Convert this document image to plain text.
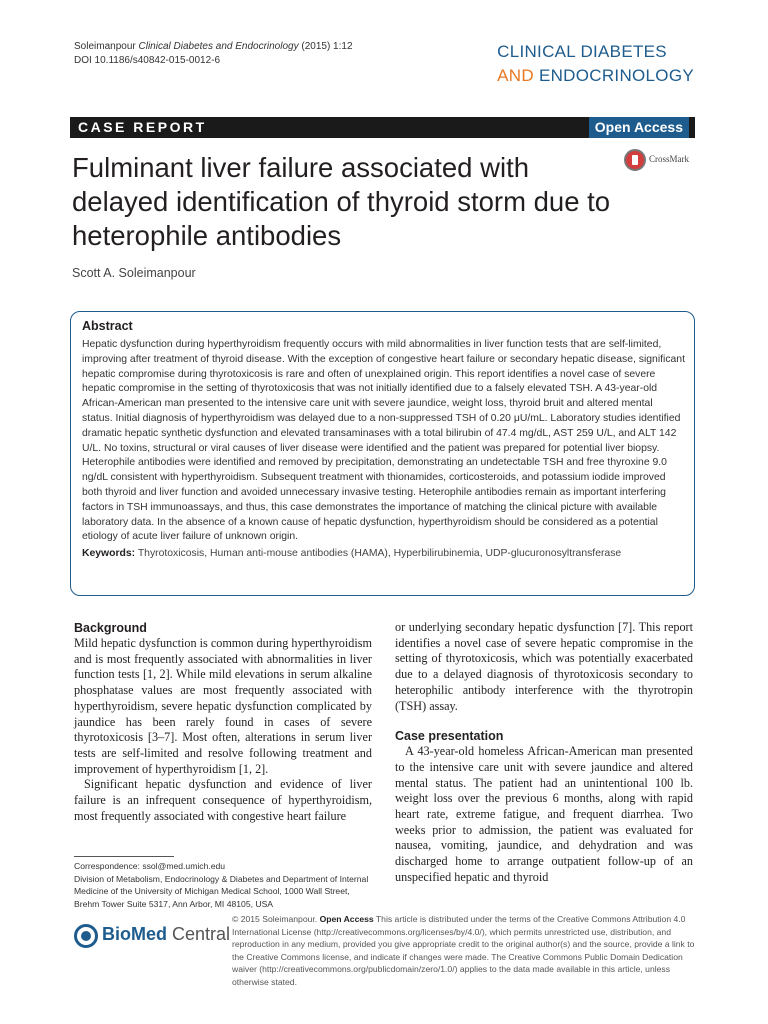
Soleimanpour Clinical Diabetes and Endocrinology (2015) 1:12
DOI 10.1186/s40842-015-0012-6	CLINICAL DIABETES
AND ENDOCRINOLOGY
CASE REPORT	Open Access
Fulminant liver failure associated with delayed identification of thyroid storm due to heterophile antibodies
CrossMark
Scott A. Soleimanpour
Abstract
Hepatic dysfunction during hyperthyroidism frequently occurs with mild abnormalities in liver function tests that are self-limited, improving after treatment of thyroid disease. With the exception of congestive heart failure or secondary hepatic disease, significant hepatic compromise during thyrotoxicosis is rare and often of unexplained origin. This report identifies a novel case of severe hepatic compromise in the setting of thyrotoxicosis that was not initially identified due to a falsely elevated TSH. A 43-year-old African-American man presented to the intensive care unit with severe jaundice, weight loss, thyroid bruit and altered mental status. Initial diagnosis of hyperthyroidism was delayed due to a non-suppressed TSH of 0.20 μU/mL. Laboratory studies identified dramatic hepatic synthetic dysfunction and elevated transaminases with a total bilirubin of 47.4 mg/dL, AST 259 U/L, and ALT 142 U/L. No toxins, structural or viral causes of liver disease were identified and the patient was prepared for potential liver biopsy. Heterophile antibodies were identified and removed by precipitation, demonstrating an undetectable TSH and free thyroxine 9.0 ng/dL consistent with hyperthyroidism. Subsequent treatment with thionamides, corticosteroids, and potassium iodide improved both thyroid and liver function and avoided unnecessary invasive testing. Heterophile antibodies remain as important interfering factors in TSH immunoassays, and thus, this case demonstrates the importance of matching the clinical picture with available laboratory data. In the absence of a known cause of hepatic dysfunction, hyperthyroidism should be considered as a potential etiology of acute liver failure of unknown origin.
Keywords: Thyrotoxicosis, Human anti-mouse antibodies (HAMA), Hyperbilirubinemia, UDP-glucuronosyltransferase
Background

Mild hepatic dysfunction is common during hyperthyroidism and is most frequently associated with abnormalities in liver function tests [1, 2]. While mild elevations in serum alkaline phosphatase values are most frequently associated with hyperthyroidism, severe hepatic dysfunction complicated by jaundice has been rarely found in cases of severe thyrotoxicosis [3–7]. Most often, alterations in serum liver tests are self-limited and resolve following treatment and improvement of hyperthyroidism [1, 2].

Significant hepatic dysfunction and evidence of liver failure is an infrequent consequence of hyperthyroidism, most frequently associated with congestive heart failure

or underlying secondary hepatic dysfunction [7]. This report identifies a novel case of severe hepatic compromise in the setting of thyrotoxicosis, which was potentially exacerbated due to a delayed diagnosis of thyrotoxicosis secondary to heterophilic antibody interference with the thyrotropin (TSH) assay.

Case presentation

A 43-year-old homeless African-American man presented to the intensive care unit with severe jaundice and altered mental status. The patient had an unintentional 100 lb. weight loss over the previous 6 months, along with rapid heart rate, extreme fatigue, and frequent diarrhea. Two weeks prior to admission, the patient was evaluated for nausea, vomiting, jaundice, and dehydration and was discharged home to arrange outpatient follow-up of an unspecified hepatic and thyroid

Correspondence: ssol@med.umich.edu
Division of Metabolism, Endocrinology & Diabetes and Department of Internal Medicine of the University of Michigan Medical School, 1000 Wall Street, Brehm Tower Suite 5317, Ann Arbor, MI 48105, USA
BioMed Central
© 2015 Soleimanpour. Open Access This article is distributed under the terms of the Creative Commons Attribution 4.0 International License (http://creativecommons.org/licenses/by/4.0/), which permits unrestricted use, distribution, and reproduction in any medium, provided you give appropriate credit to the original author(s) and the source, provide a link to the Creative Commons license, and indicate if changes were made. The Creative Commons Public Domain Dedication waiver (http://creativecommons.org/publicdomain/zero/1.0/) applies to the data made available in this article, unless otherwise stated.
